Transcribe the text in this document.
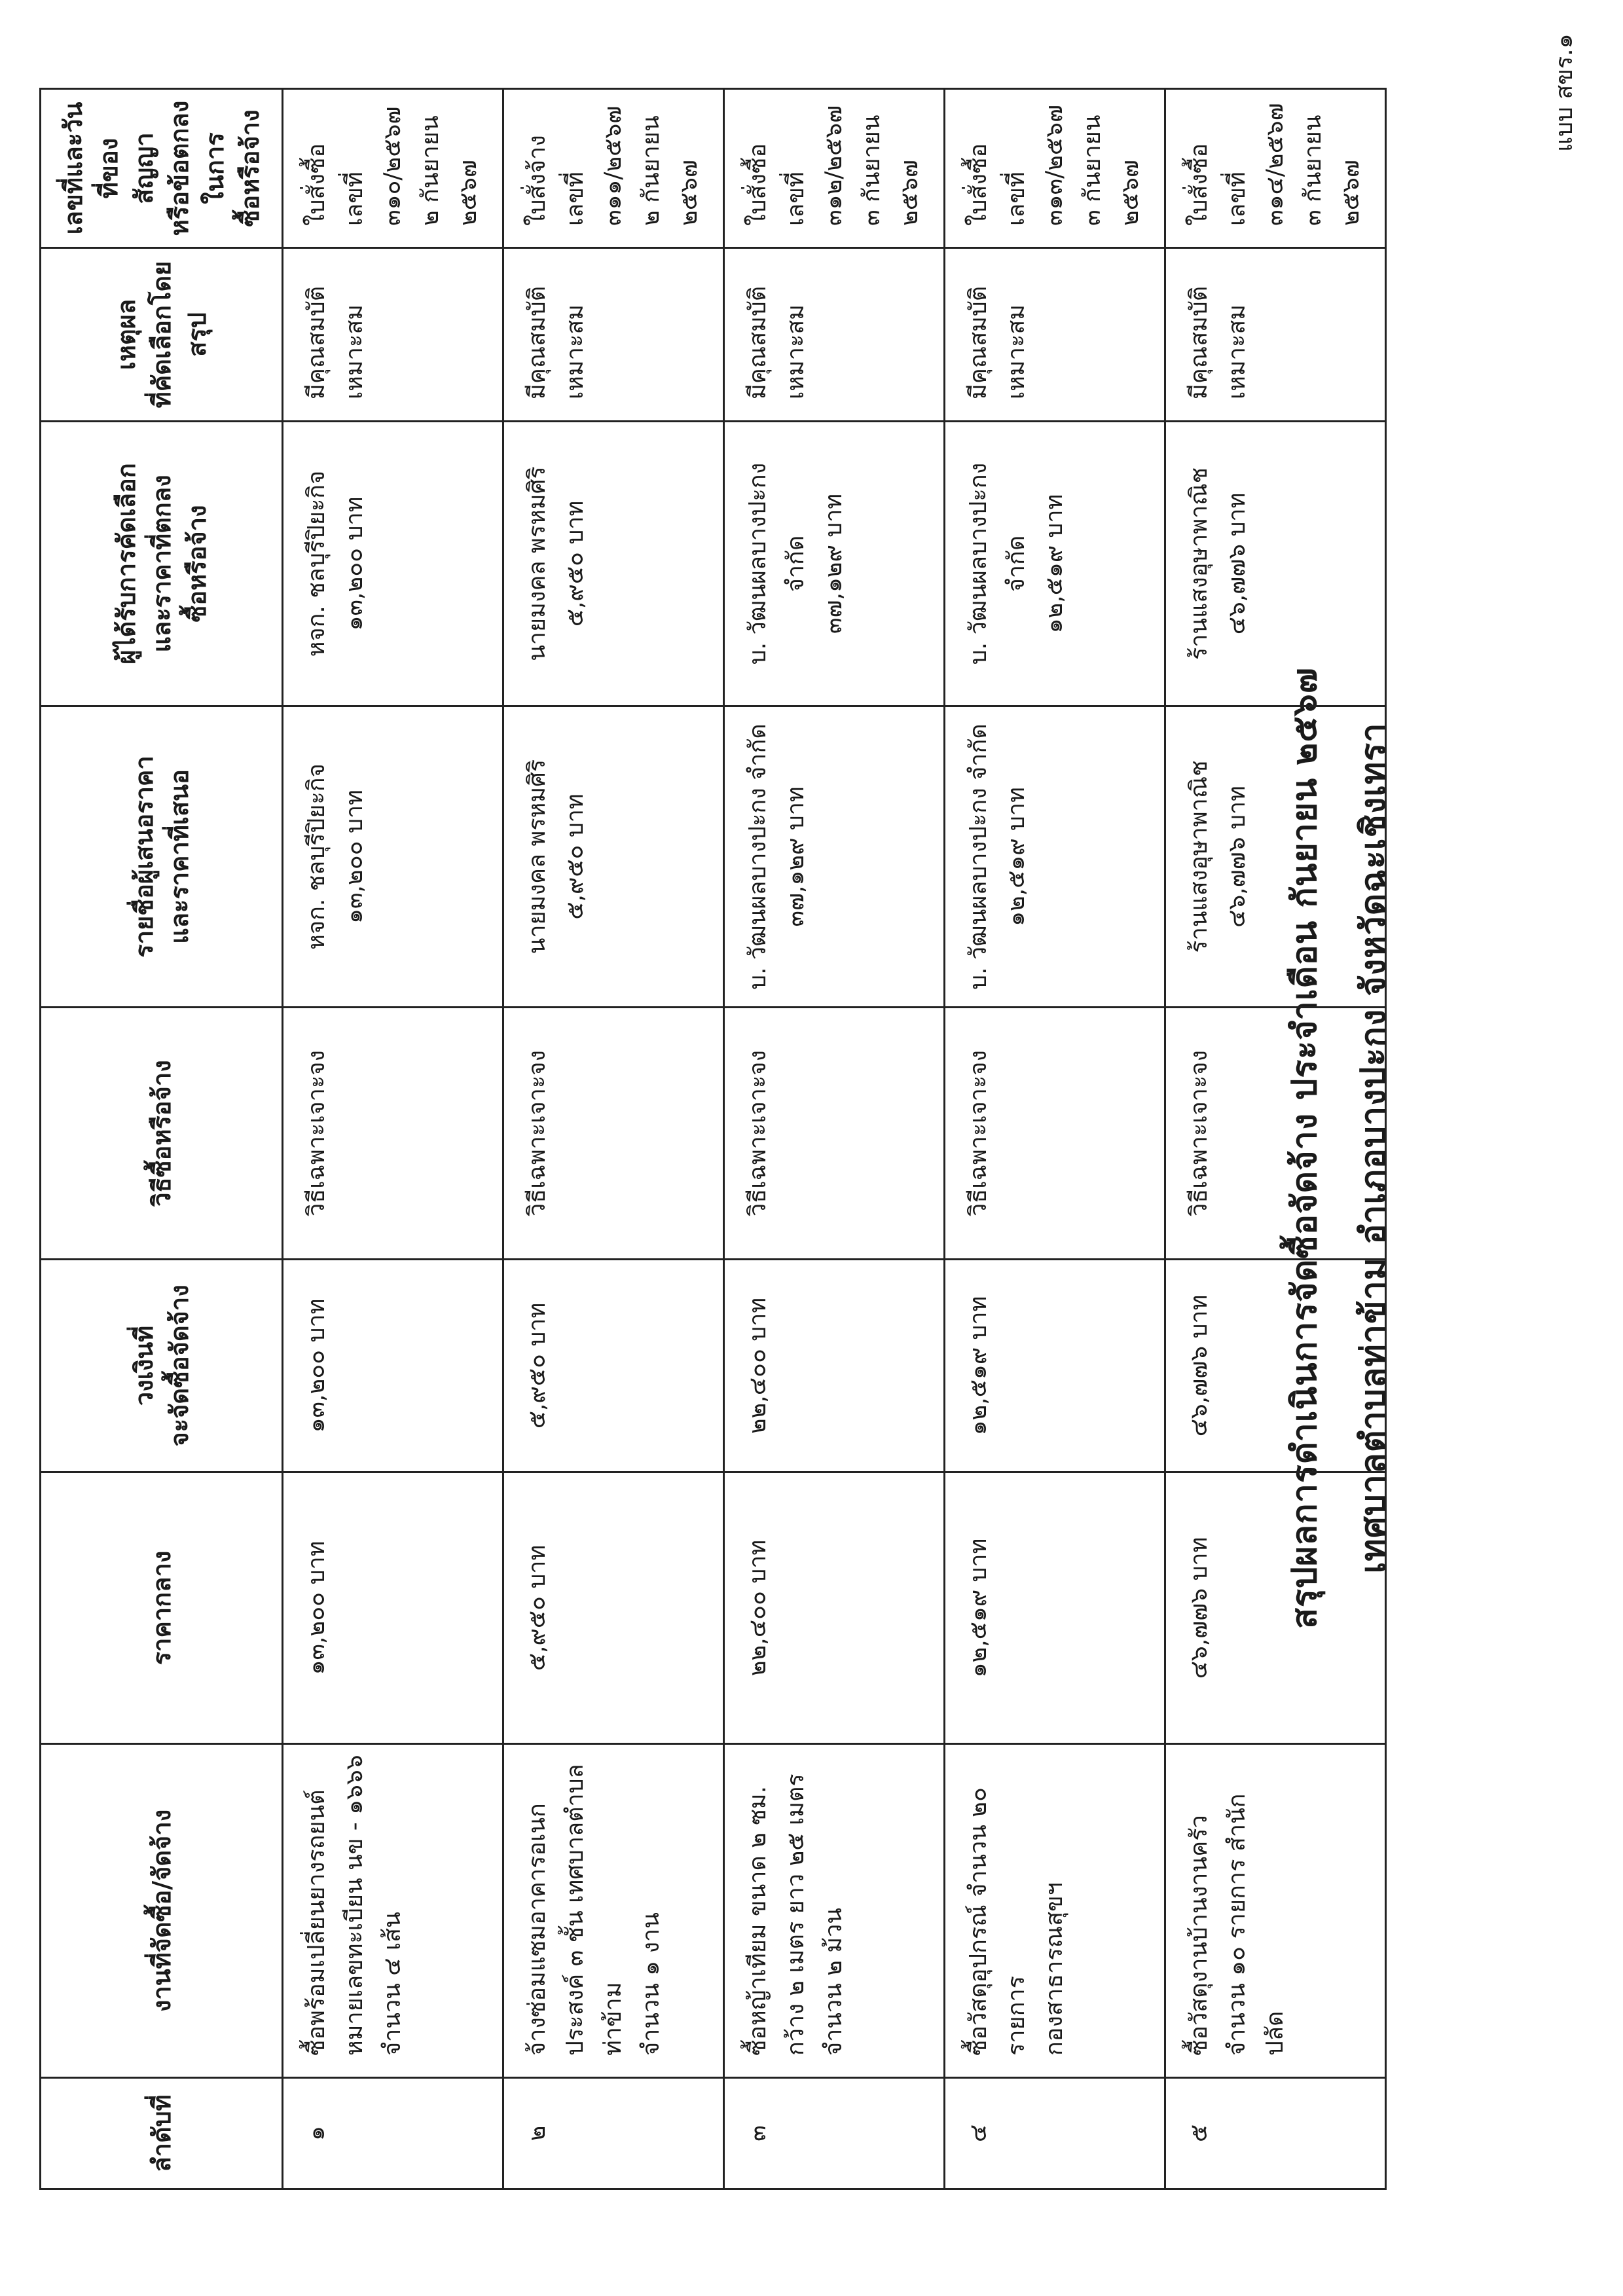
แบบ สขร.๑
สรุปผลการดำเนินการจัดซื้อจัดจ้าง ประจำเดือน กันยายน ๒๕๖๗ เทศบาลตำบลท่าข้าม อำเภอบางปะกง จังหวัดฉะเชิงเทรา
ลำดับที่	งานที่จัดซื้อ/จัดจ้าง	ราคากลาง	วงเงินที่ จะจัดซื้อจัดจ้าง	วิธีซื้อหรือจ้าง	รายชื่อผู้เสนอราคา และราคาที่เสนอ	ผู้ได้รับการคัดเลือก และราคาที่ตกลง ซื้อหรือจ้าง	เหตุผล ที่คัดเลือกโดย สรุป	เลขที่และวันที่ของ สัญญา หรือข้อตกลงในการ ซื้อหรือจ้าง
๑	ซื้อพร้อมเปลี่ยนยางรถยนต์ หมายเลขทะเบียน นข - ๑๖๖๖ จำนวน ๔ เส้น	๑๓,๒๐๐ บาท	๑๓,๒๐๐ บาท	วิธีเฉพาะเจาะจง	หจก. ชลบุรีปิยะกิจ ๑๓,๒๐๐ บาท	หจก. ชลบุรีปิยะกิจ ๑๓,๒๐๐ บาท	มีคุณสมบัติ เหมาะสม	ใบสั่งซื้อ เลขที่ ๓๑๐/๒๕๖๗ ๒ กันยายน ๒๕๖๗
๒	จ้างซ่อมแซมอาคารอเนก ประสงค์ ๓ ชั้น เทศบาลตำบลท่าข้าม จำนวน ๑ งาน	๕,๙๕๐ บาท	๕,๙๕๐ บาท	วิธีเฉพาะเจาะจง	นายมงคล พรหมศิริ ๕,๙๕๐ บาท	นายมงคล พรหมศิริ ๕,๙๕๐ บาท	มีคุณสมบัติ เหมาะสม	ใบสั่งจ้าง เลขที่ ๓๑๑/๒๕๖๗ ๒ กันยายน ๒๕๖๗
๓	ซื้อหญ้าเทียม ขนาด ๒ ซม. กว้าง ๒ เมตร ยาว ๒๕ เมตร จำนวน ๒ ม้วน	๒๒,๔๐๐ บาท	๒๒,๔๐๐ บาท	วิธีเฉพาะเจาะจง	บ. วัฒนผลบางปะกง จำกัด ๓๗,๑๒๙ บาท	บ. วัฒนผลบางปะกง จำกัด ๓๗,๑๒๙ บาท	มีคุณสมบัติ เหมาะสม	ใบสั่งซื้อ เลขที่ ๓๑๒/๒๕๖๗ ๓ กันยายน ๒๕๖๗
๔	ซื้อวัสดุอุปกรณ์ จำนวน ๒๐ รายการ กองสาธารณสุขฯ	๑๒,๕๑๙ บาท	๑๒,๕๑๙ บาท	วิธีเฉพาะเจาะจง	บ. วัฒนผลบางปะกง จำกัด ๑๒,๕๑๙ บาท	บ. วัฒนผลบางปะกง จำกัด ๑๒,๕๑๙ บาท	มีคุณสมบัติ เหมาะสม	ใบสั่งซื้อ เลขที่ ๓๑๓/๒๕๖๗ ๓ กันยายน ๒๕๖๗
๕	ซื้อวัสดุงานบ้านงานครัว จำนวน ๑๐ รายการ สำนักปลัด	๔๖,๗๗๖ บาท	๔๖,๗๗๖ บาท	วิธีเฉพาะเจาะจง	ร้านแสงอุษาพาณิช ๔๖,๗๗๖ บาท	ร้านแสงอุษาพาณิช ๔๖,๗๗๖ บาท	มีคุณสมบัติ เหมาะสม	ใบสั่งซื้อ เลขที่ ๓๑๔/๒๕๖๗ ๓ กันยายน ๒๕๖๗
